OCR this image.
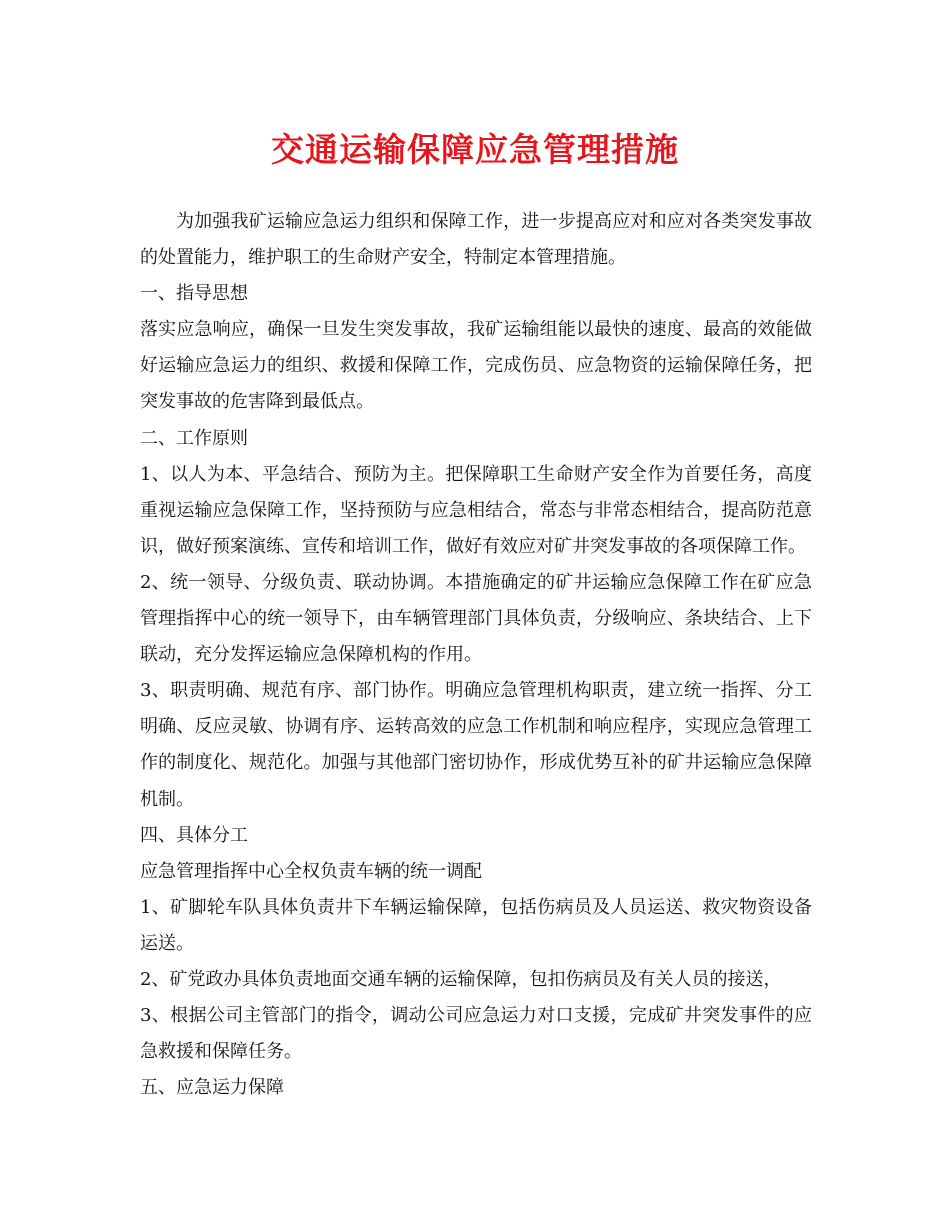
交通运输保障应急管理措施

为加强我矿运输应急运力组织和保障工作，进一步提高应对和应对各类突发事故的处置能力，维护职工的生命财产安全，特制定本管理措施。

一、指导思想

落实应急响应，确保一旦发生突发事故，我矿运输组能以最快的速度、最高的效能做好运输应急运力的组织、救援和保障工作，完成伤员、应急物资的运输保障任务，把突发事故的危害降到最低点。

二、工作原则

1、以人为本、平急结合、预防为主。把保障职工生命财产安全作为首要任务，高度重视运输应急保障工作，坚持预防与应急相结合，常态与非常态相结合，提高防范意识，做好预案演练、宣传和培训工作，做好有效应对矿井突发事故的各项保障工作。

2、统一领导、分级负责、联动协调。本措施确定的矿井运输应急保障工作在矿应急管理指挥中心的统一领导下，由车辆管理部门具体负责，分级响应、条块结合、上下联动，充分发挥运输应急保障机构的作用。

3、职责明确、规范有序、部门协作。明确应急管理机构职责，建立统一指挥、分工明确、反应灵敏、协调有序、运转高效的应急工作机制和响应程序，实现应急管理工作的制度化、规范化。加强与其他部门密切协作，形成优势互补的矿井运输应急保障机制。

四、具体分工

应急管理指挥中心全权负责车辆的统一调配

1、矿脚轮车队具体负责井下车辆运输保障，包括伤病员及人员运送、救灾物资设备运送。

2、矿党政办具体负责地面交通车辆的运输保障，包扣伤病员及有关人员的接送，

3、根据公司主管部门的指令，调动公司应急运力对口支援，完成矿井突发事件的应急救援和保障任务。

五、应急运力保障
